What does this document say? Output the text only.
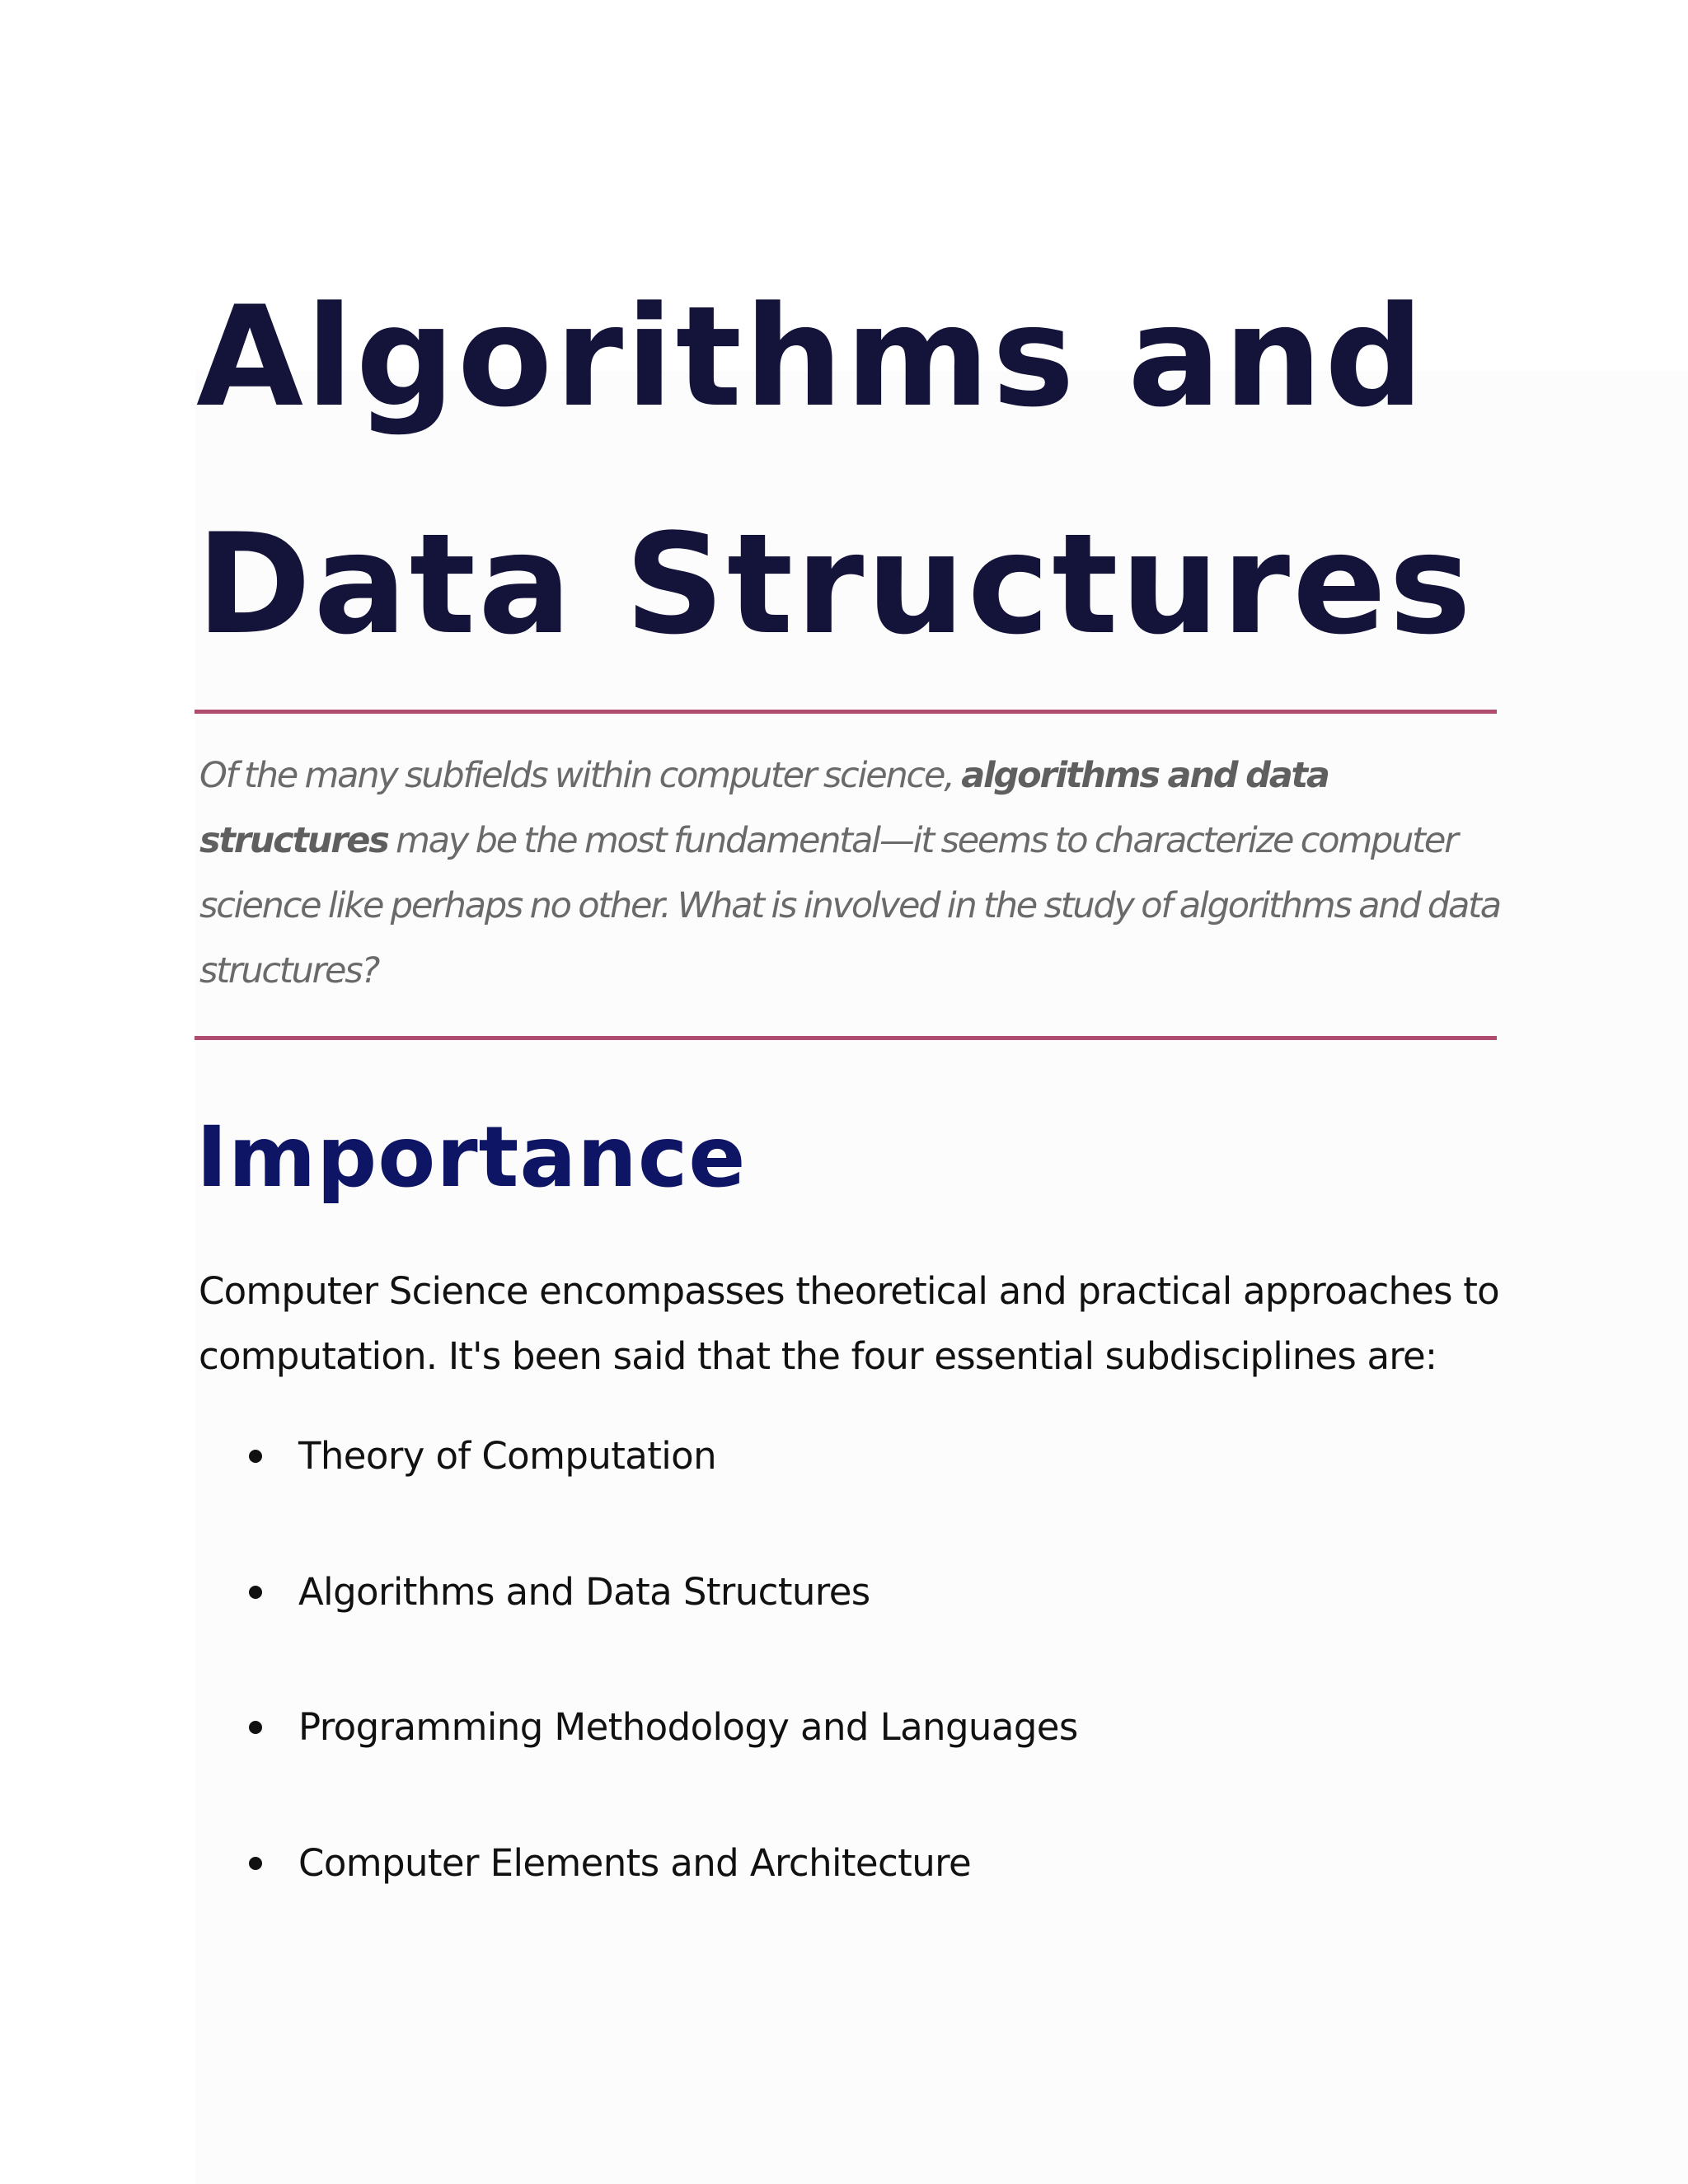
Algorithms and
Data Structures

Of the many subfields within computer science, algorithms and data structures may be the most fundamental—it seems to characterize computer science like perhaps no other. What is involved in the study of algorithms and data structures?

Importance

Computer Science encompasses theoretical and practical approaches to computation. It's been said that the four essential subdisciplines are:

Theory of Computation
Algorithms and Data Structures
Programming Methodology and Languages
Computer Elements and Architecture
